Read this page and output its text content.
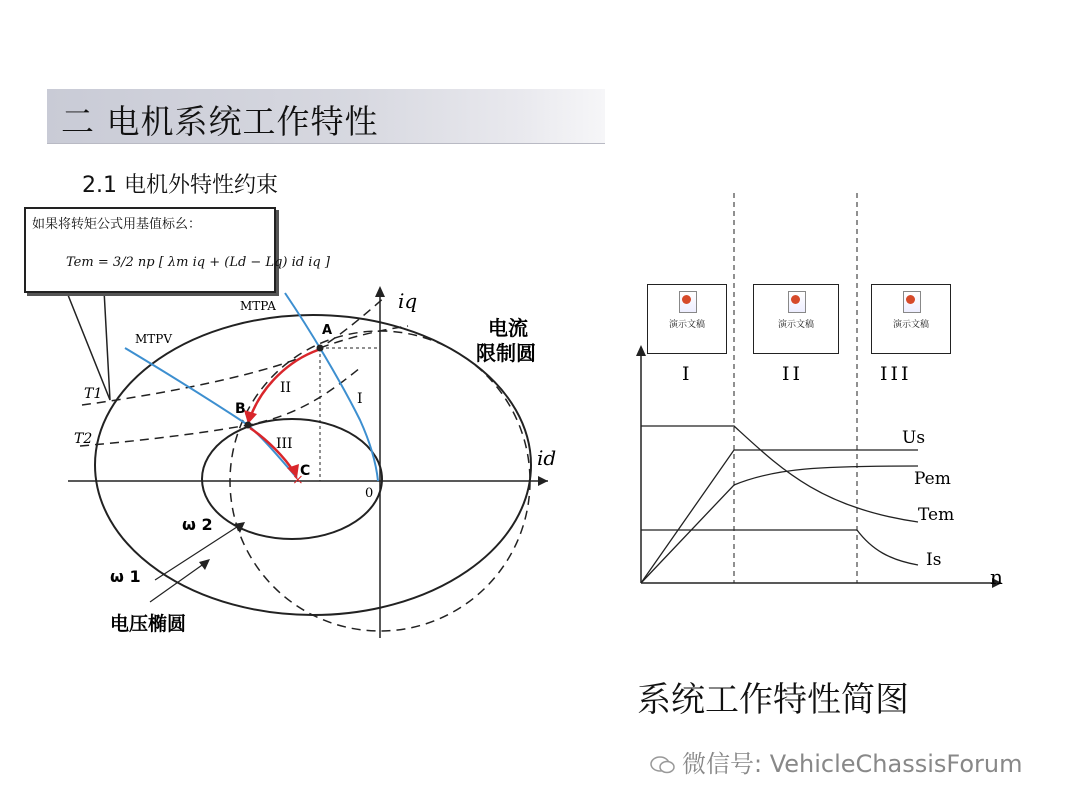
二 电机系统工作特性
2.1 电机外特性约束
×
iq
id
0
MTPA
MTPV
T1
T2
A
B
C
I
II
III
电流
限制圆
ω 2
ω 1
电压椭圆
如果将转矩公式用基值标幺：
Tem = 3/2 np [ λm iq + (Ld − Lq) id iq ]
I	II	III
Us
Pem
Tem
Is
n
演示文稿	演示文稿	演示文稿
系统工作特性简图
微信号: VehicleChassisForum
